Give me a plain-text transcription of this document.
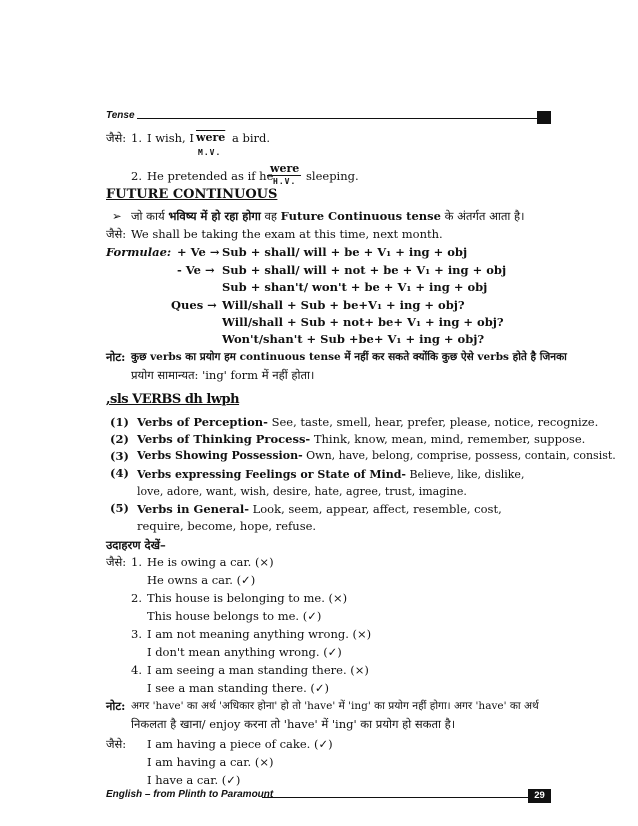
Tense
जैसे: 1. I wish, I were a bird.
M.V.
2. He pretended as if he
were
H.V. sleeping.
FUTURE CONTINUOUS
➢ जो कार्य भविष्य में हो रहा होगा वह Future Continuous tense के अंतर्गत आता है।
जैसे: We shall be taking the exam at this time, next month.
Formulae: + Ve → Sub + shall/ will + be + V₁ + ing + obj
- Ve → Sub + shall/ will + not + be + V₁ + ing + obj
Sub + shan't/ won't + be + V₁ + ing + obj
Ques → Will/shall + Sub + be+V₁ + ing + obj?
Will/shall + Sub + not+ be+ V₁ + ing + obj?
Won't/shan't + Sub +be+ V₁ + ing + obj?
नोट: कुछ verbs का प्रयोग हम continuous tense में नहीं कर सकते क्योंकि कुछ ऐसे verbs होते है जिनका
प्रयोग सामान्यत: 'ing' form में नहीं होता।
,sls VERBS dh lwph
(1) Verbs of Perception- See, taste, smell, hear, prefer, please, notice, recognize.
(2) Verbs of Thinking Process- Think, know, mean, mind, remember, suppose.
(3) Verbs Showing Possession- Own, have, belong, comprise, possess, contain, consist.
(4) Verbs expressing Feelings or State of Mind- Believe, like, dislike, love, adore, want, wish, desire, hate, agree, trust, imagine.
(5) Verbs in General- Look, seem, appear, affect, resemble, cost, require, become, hope, refuse.
उदाहरण देखें–
जैसे: 1. He is owing a car. (×)
He owns a car. (✓)
2. This house is belonging to me. (×)
This house belongs to me. (✓)
3. I am not meaning anything wrong. (×)
I don't mean anything wrong. (✓)
4. I am seeing a man standing there. (×)
I see a man standing there. (✓)
नोट: अगर 'have' का अर्थ 'अधिकार होना' हो तो 'have' में 'ing' का प्रयोग नहीं होगा। अगर 'have' का अर्थ
निकलता है खाना/ enjoy करना तो 'have' में 'ing' का प्रयोग हो सकता है।
जैसे: I am having a piece of cake. (✓)
I am having a car. (×)
I have a car. (✓)
English – from Plinth to Paramount	29
